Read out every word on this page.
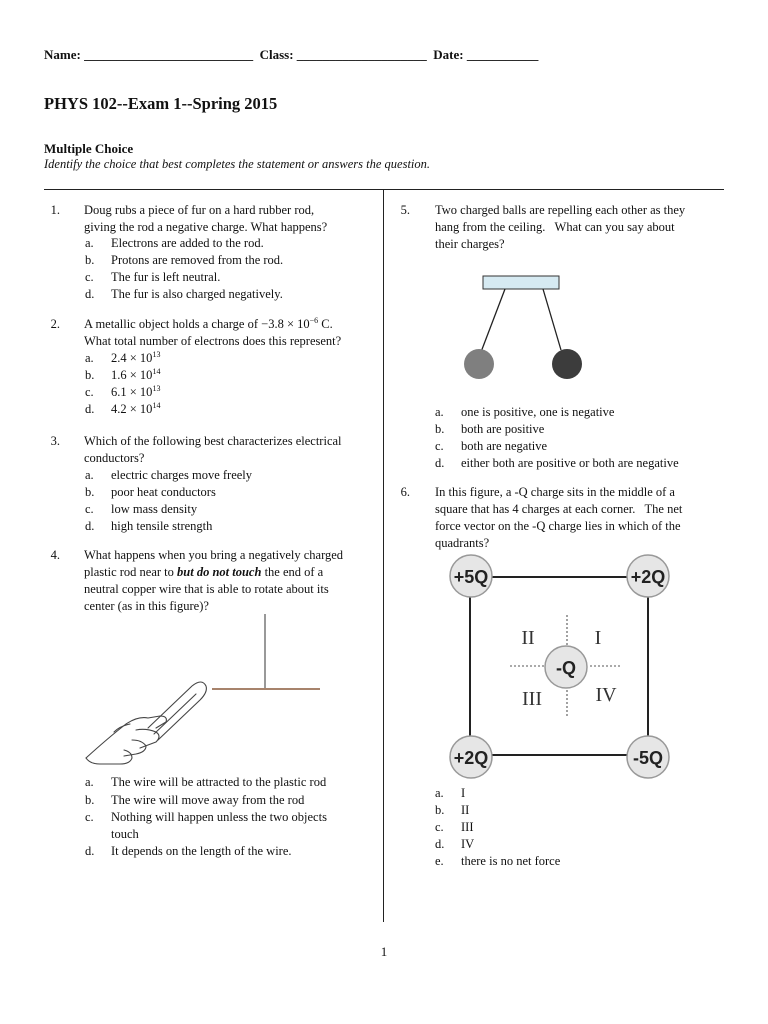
Name: __________________________ Class: ____________________ Date: ___________
PHYS 102--Exam 1--Spring 2015
Multiple Choice
Identify the choice that best completes the statement or answers the question.
1. Doug rubs a piece of fur on a hard rubber rod,
giving the rod a negative charge. What happens?
a. Electrons are added to the rod.
b. Protons are removed from the rod.
c. The fur is left neutral.
d. The fur is also charged negatively.
2. A metallic object holds a charge of $-3.8 \times 10^{-6}$ C.
What total number of electrons does this represent?
a. $2.4 \times 10^{13}$
b. $1.6 \times 10^{14}$
c. $6.1 \times 10^{13}$
d. $4.2 \times 10^{14}$
3. Which of the following best characterizes electrical
conductors?
a. electric charges move freely
b. poor heat conductors
c. low mass density
d. high tensile strength
4. What happens when you bring a negatively charged
plastic rod near to but do not touch the end of a
neutral copper wire that is able to rotate about its
center (as in this figure)?
a. The wire will be attracted to the plastic rod
b. The wire will move away from the rod
c. Nothing will happen unless the two objects
touch
d. It depends on the length of the wire.
5. Two charged balls are repelling each other as they
hang from the ceiling.   What can you say about
their charges?
a. one is positive, one is negative
b. both are positive
c. both are negative
d. either both are positive or both are negative
6. In this figure, a -Q charge sits in the middle of a
square that has 4 charges at each corner.   The net
force vector on the -Q charge lies in which of the
quadrants?
+5Q	+2Q
+2Q	-5Q
-Q
II	I
III	IV
a. I
b. II
c. III
d. IV
e. there is no net force
1
